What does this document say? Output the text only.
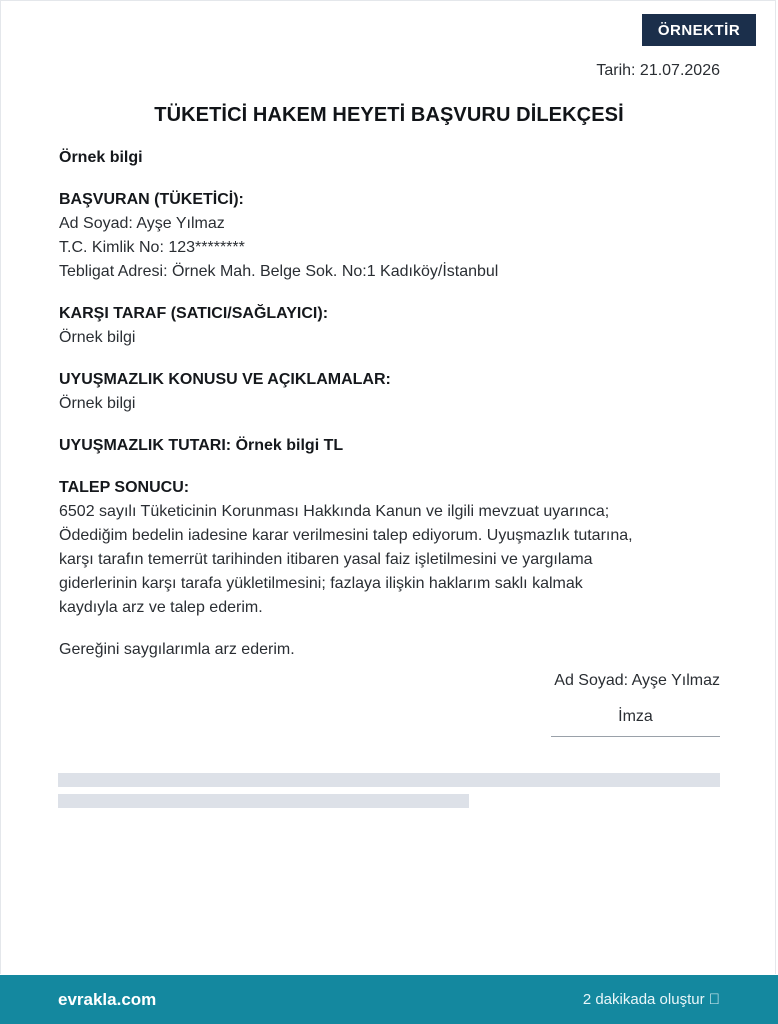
ÖRNEKTİR
Tarih: 21.07.2026
TÜKETİCİ HAKEM HEYETİ BAŞVURU DİLEKÇESİ

Örnek bilgi

BAŞVURAN (TÜKETİCİ):

Ad Soyad: Ayşe Yılmaz

T.C. Kimlik No: 123********

Tebligat Adresi: Örnek Mah. Belge Sok. No:1 Kadıköy/İstanbul

KARŞI TARAF (SATICI/SAĞLAYICI):

Örnek bilgi

UYUŞMAZLIK KONUSU VE AÇIKLAMALAR:

Örnek bilgi

UYUŞMAZLIK TUTARI: Örnek bilgi TL

TALEP SONUCU:

6502 sayılı Tüketicinin Korunması Hakkında Kanun ve ilgili mevzuat uyarınca;

Ödediğim bedelin iadesine karar verilmesini talep ediyorum. Uyuşmazlık tutarına,

karşı tarafın temerrüt tarihinden itibaren yasal faiz işletilmesini ve yargılama

giderlerinin karşı tarafa yükletilmesini; fazlaya ilişkin haklarım saklı kalmak

kaydıyla arz ve talep ederim.

Gereğini saygılarımla arz ederim.

Ad Soyad: Ayşe Yılmaz
İmza
evrakla.com	2 dakikada oluştur ⃞
